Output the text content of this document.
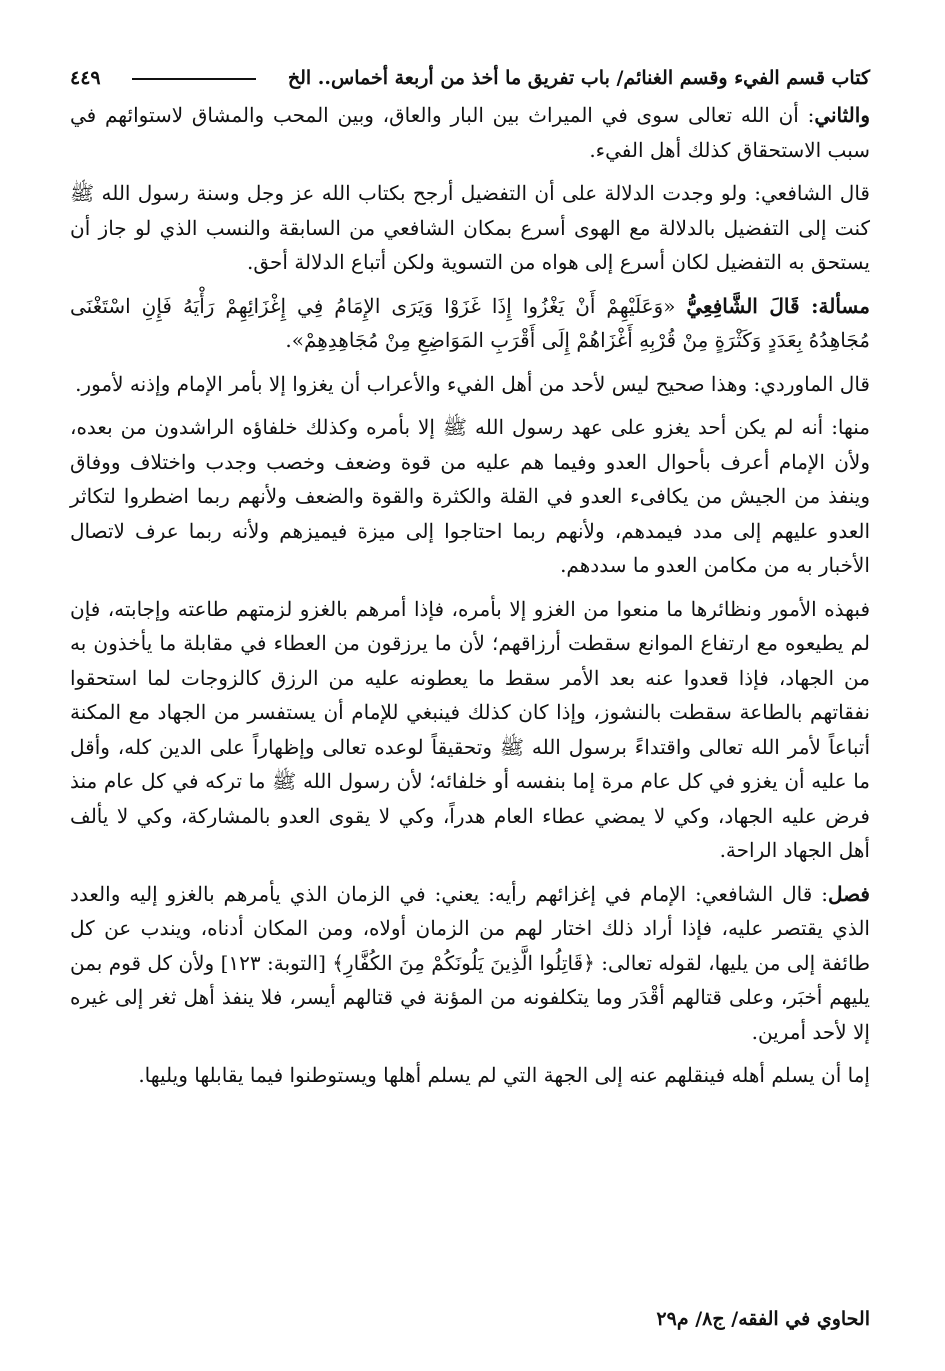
كتاب قسم الفيء وقسم الغنائم/ باب تفريق ما أخذ من أربعة أخماس.. الخ
٤٤٩

والثاني: أن الله تعالى سوى في الميراث بين البار والعاق، وبين المحب والمشاق لاستوائهم في سبب الاستحقاق كذلك أهل الفيء.

قال الشافعي: ولو وجدت الدلالة على أن التفضيل أرجح بكتاب الله عز وجل وسنة رسول الله ﷺ كنت إلى التفضيل بالدلالة مع الهوى أسرع بمكان الشافعي من السابقة والنسب الذي لو جاز أن يستحق به التفضيل لكان أسرع إلى هواه من التسوية ولكن أتباع الدلالة أحق.

مسألة: قَالَ الشَّافِعِيُّ «وَعَلَيْهِمْ أَنْ يَغْزُوا إِذَا غَزَوْا وَيَرَى الإِمَامُ فِي إِغْزَائِهِمْ رَأْيَهُ فَإِنِ اسْتَغْنَى مُجَاهِدُهُ بِعَدَدٍ وَكَثْرَةٍ مِنْ قُرْبِهِ أَغْزَاهُمْ إِلَى أَقْرَبِ المَوَاضِعِ مِنْ مُجَاهِدِهِمْ».

قال الماوردي: وهذا صحيح ليس لأحد من أهل الفيء والأعراب أن يغزوا إلا بأمر الإمام وإذنه لأمور.

منها: أنه لم يكن أحد يغزو على عهد رسول الله ﷺ إلا بأمره وكذلك خلفاؤه الراشدون من بعده، ولأن الإمام أعرف بأحوال العدو وفيما هم عليه من قوة وضعف وخصب وجدب واختلاف ووفاق وينفذ من الجيش من يكافىء العدو في القلة والكثرة والقوة والضعف ولأنهم ربما اضطروا لتكاثر العدو عليهم إلى مدد فيمدهم، ولأنهم ربما احتاجوا إلى ميزة فيميزهم ولأنه ربما عرف لاتصال الأخبار به من مكامن العدو ما سددهم.

فبهذه الأمور ونظائرها ما منعوا من الغزو إلا بأمره، فإذا أمرهم بالغزو لزمتهم طاعته وإجابته، فإن لم يطيعوه مع ارتفاع الموانع سقطت أرزاقهم؛ لأن ما يرزقون من العطاء في مقابلة ما يأخذون به من الجهاد، فإذا قعدوا عنه بعد الأمر سقط ما يعطونه عليه من الرزق كالزوجات لما استحقوا نفقاتهم بالطاعة سقطت بالنشوز، وإذا كان كذلك فينبغي للإمام أن يستفسر من الجهاد مع المكنة أتباعاً لأمر الله تعالى واقتداءً برسول الله ﷺ وتحقيقاً لوعده تعالى وإظهاراً على الدين كله، وأقل ما عليه أن يغزو في كل عام مرة إما بنفسه أو خلفائه؛ لأن رسول الله ﷺ ما تركه في كل عام منذ فرض عليه الجهاد، وكي لا يمضي عطاء العام هدراً، وكي لا يقوى العدو بالمشاركة، وكي لا يألف أهل الجهاد الراحة.

فصل: قال الشافعي: الإمام في إغزائهم رأيه: يعني: في الزمان الذي يأمرهم بالغزو إليه والعدد الذي يقتصر عليه، فإذا أراد ذلك اختار لهم من الزمان أولاه، ومن المكان أدناه، ويندب عن كل طائفة إلى من يليها، لقوله تعالى: ﴿قَاتِلُوا الَّذِينَ يَلُونَكُمْ مِنَ الكُفَّارِ﴾ [التوبة: ١٢٣] ولأن كل قوم بمن يليهم أخبَر، وعلى قتالهم أقْدَر وما يتكلفونه من المؤنة في قتالهم أيسر، فلا ينفذ أهل ثغر إلى غيره إلا لأحد أمرين.

إما أن يسلم أهله فينقلهم عنه إلى الجهة التي لم يسلم أهلها ويستوطنوا فيما يقابلها ويليها.

الحاوي في الفقه/ ج٨/ م٢٩
